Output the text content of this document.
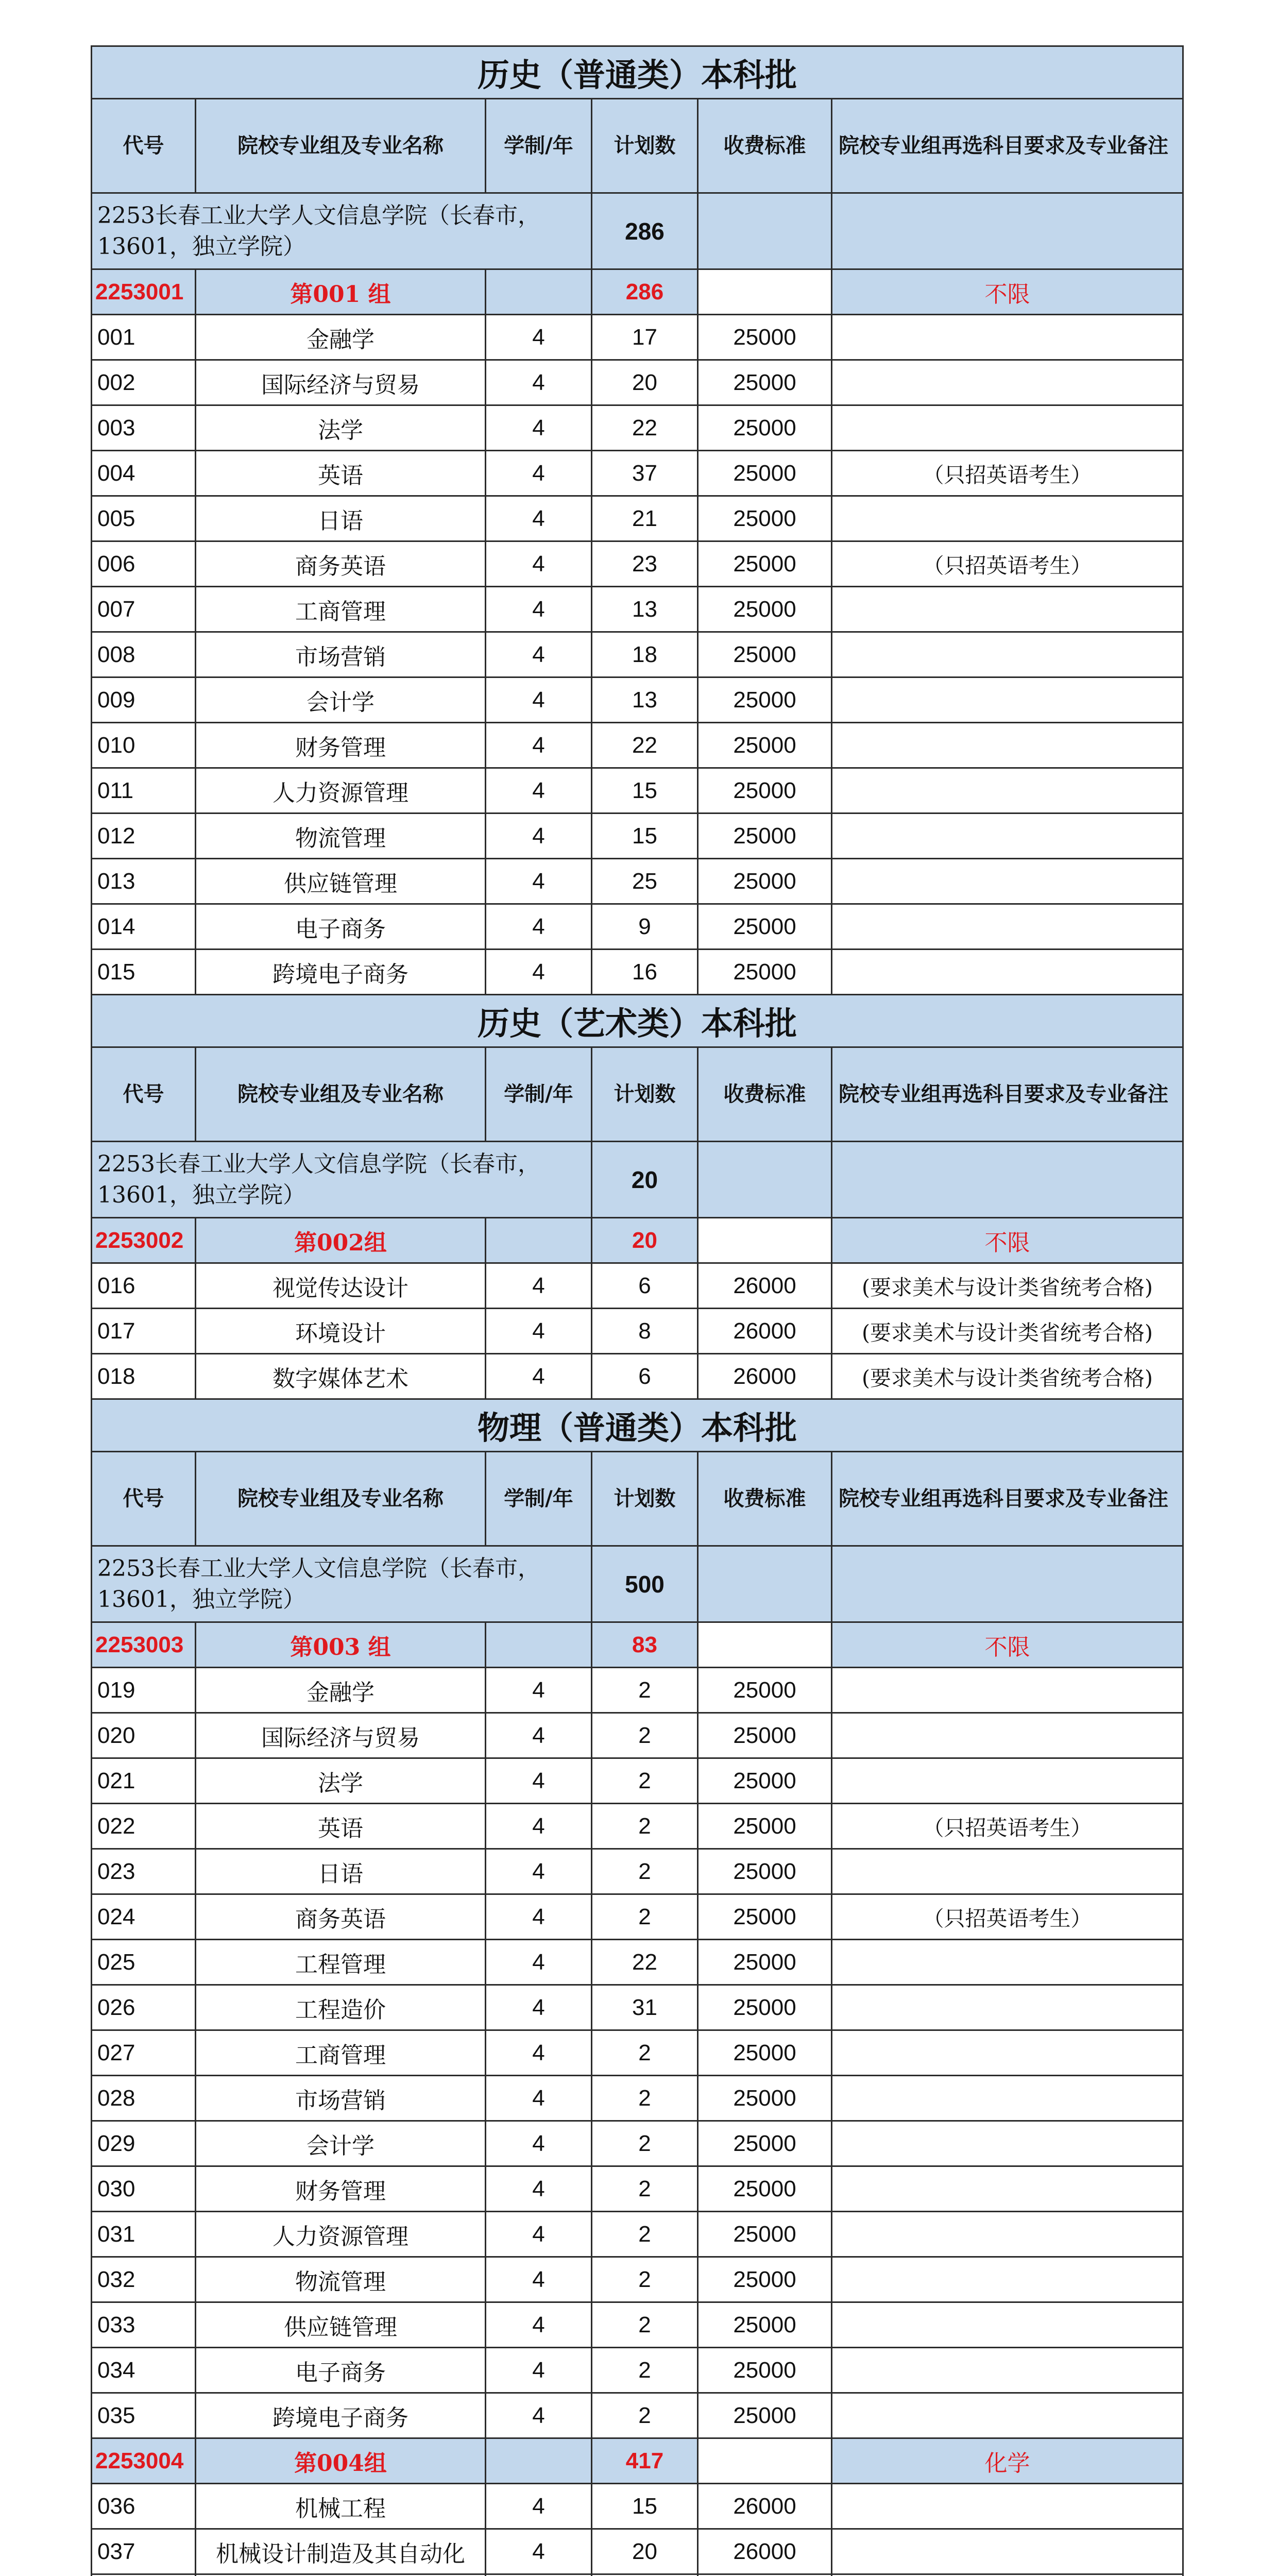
历史（普通类）本科批					
代号	院校专业组及专业名称	学制/年	计划数	收费标准	院校专业组再选科目要求及专业备注
2253长春工业大学人文信息学院（长春市，13601，独立学院）			286		
2253001	第001 组		286		不限
001	金融学	4	17	25000	
002	国际经济与贸易	4	20	25000	
003	法学	4	22	25000	
004	英语	4	37	25000	（只招英语考生）
005	日语	4	21	25000	
006	商务英语	4	23	25000	（只招英语考生）
007	工商管理	4	13	25000	
008	市场营销	4	18	25000	
009	会计学	4	13	25000	
010	财务管理	4	22	25000	
011	人力资源管理	4	15	25000	
012	物流管理	4	15	25000	
013	供应链管理	4	25	25000	
014	电子商务	4	9	25000	
015	跨境电子商务	4	16	25000	
历史（艺术类）本科批					
代号	院校专业组及专业名称	学制/年	计划数	收费标准	院校专业组再选科目要求及专业备注
2253长春工业大学人文信息学院（长春市，13601，独立学院）			20		
2253002	第002组		20		不限
016	视觉传达设计	4	6	26000	(要求美术与设计类省统考合格)
017	环境设计	4	8	26000	(要求美术与设计类省统考合格)
018	数字媒体艺术	4	6	26000	(要求美术与设计类省统考合格)
物理（普通类）本科批					
代号	院校专业组及专业名称	学制/年	计划数	收费标准	院校专业组再选科目要求及专业备注
2253长春工业大学人文信息学院（长春市，13601，独立学院）			500		
2253003	第003 组		83		不限
019	金融学	4	2	25000	
020	国际经济与贸易	4	2	25000	
021	法学	4	2	25000	
022	英语	4	2	25000	（只招英语考生）
023	日语	4	2	25000	
024	商务英语	4	2	25000	（只招英语考生）
025	工程管理	4	22	25000	
026	工程造价	4	31	25000	
027	工商管理	4	2	25000	
028	市场营销	4	2	25000	
029	会计学	4	2	25000	
030	财务管理	4	2	25000	
031	人力资源管理	4	2	25000	
032	物流管理	4	2	25000	
033	供应链管理	4	2	25000	
034	电子商务	4	2	25000	
035	跨境电子商务	4	2	25000	
2253004	第004组		417		化学
036	机械工程	4	15	26000	
037	机械设计制造及其自动化	4	20	26000	
